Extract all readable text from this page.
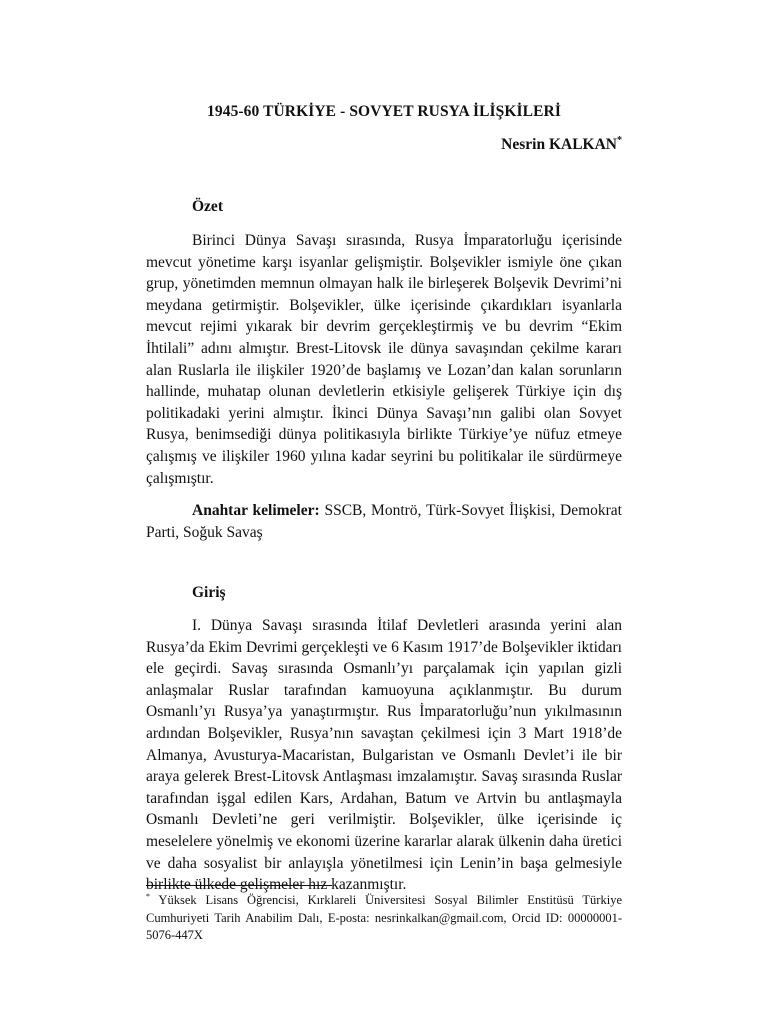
1945-60 TÜRKİYE - SOVYET RUSYA İLİŞKİLERİ

Nesrin KALKAN*

Özet

Birinci Dünya Savaşı sırasında, Rusya İmparatorluğu içerisinde mevcut yönetime karşı isyanlar gelişmiştir. Bolşevikler ismiyle öne çıkan grup, yönetimden memnun olmayan halk ile birleşerek Bolşevik Devrimi’ni meydana getirmiştir. Bolşevikler, ülke içerisinde çıkardıkları isyanlarla mevcut rejimi yıkarak bir devrim gerçekleştirmiş ve bu devrim “Ekim İhtilali” adını almıştır. Brest-Litovsk ile dünya savaşından çekilme kararı alan Ruslarla ile ilişkiler 1920’de başlamış ve Lozan’dan kalan sorunların hallinde, muhatap olunan devletlerin etkisiyle gelişerek Türkiye için dış politikadaki yerini almıştır. İkinci Dünya Savaşı’nın galibi olan Sovyet Rusya, benimsediği dünya politikasıyla birlikte Türkiye’ye nüfuz etmeye çalışmış ve ilişkiler 1960 yılına kadar seyrini bu politikalar ile sürdürmeye çalışmıştır.

Anahtar kelimeler: SSCB, Montrö, Türk-Sovyet İlişkisi, Demokrat Parti, Soğuk Savaş

Giriş

I. Dünya Savaşı sırasında İtilaf Devletleri arasında yerini alan Rusya’da Ekim Devrimi gerçekleşti ve 6 Kasım 1917’de Bolşevikler iktidarı ele geçirdi. Savaş sırasında Osmanlı’yı parçalamak için yapılan gizli anlaşmalar Ruslar tarafından kamuoyuna açıklanmıştır. Bu durum Osmanlı’yı Rusya’ya yanaştırmıştır. Rus İmparatorluğu’nun yıkılmasının ardından Bolşevikler, Rusya’nın savaştan çekilmesi için 3 Mart 1918’de Almanya, Avusturya-Macaristan, Bulgaristan ve Osmanlı Devlet’i ile bir araya gelerek Brest-Litovsk Antlaşması imzalamıştır. Savaş sırasında Ruslar tarafından işgal edilen Kars, Ardahan, Batum ve Artvin bu antlaşmayla Osmanlı Devleti’ne geri verilmiştir. Bolşevikler, ülke içerisinde iç meselelere yönelmiş ve ekonomi üzerine kararlar alarak ülkenin daha üretici ve daha sosyalist bir anlayışla yönetilmesi için Lenin’in başa gelmesiyle birlikte ülkede gelişmeler hız kazanmıştır.

* Yüksek Lisans Öğrencisi, Kırklareli Üniversitesi Sosyal Bilimler Enstitüsü Türkiye Cumhuriyeti Tarih Anabilim Dalı, E-posta: nesrinkalkan@gmail.com, Orcid ID: 00000001-5076-447X
